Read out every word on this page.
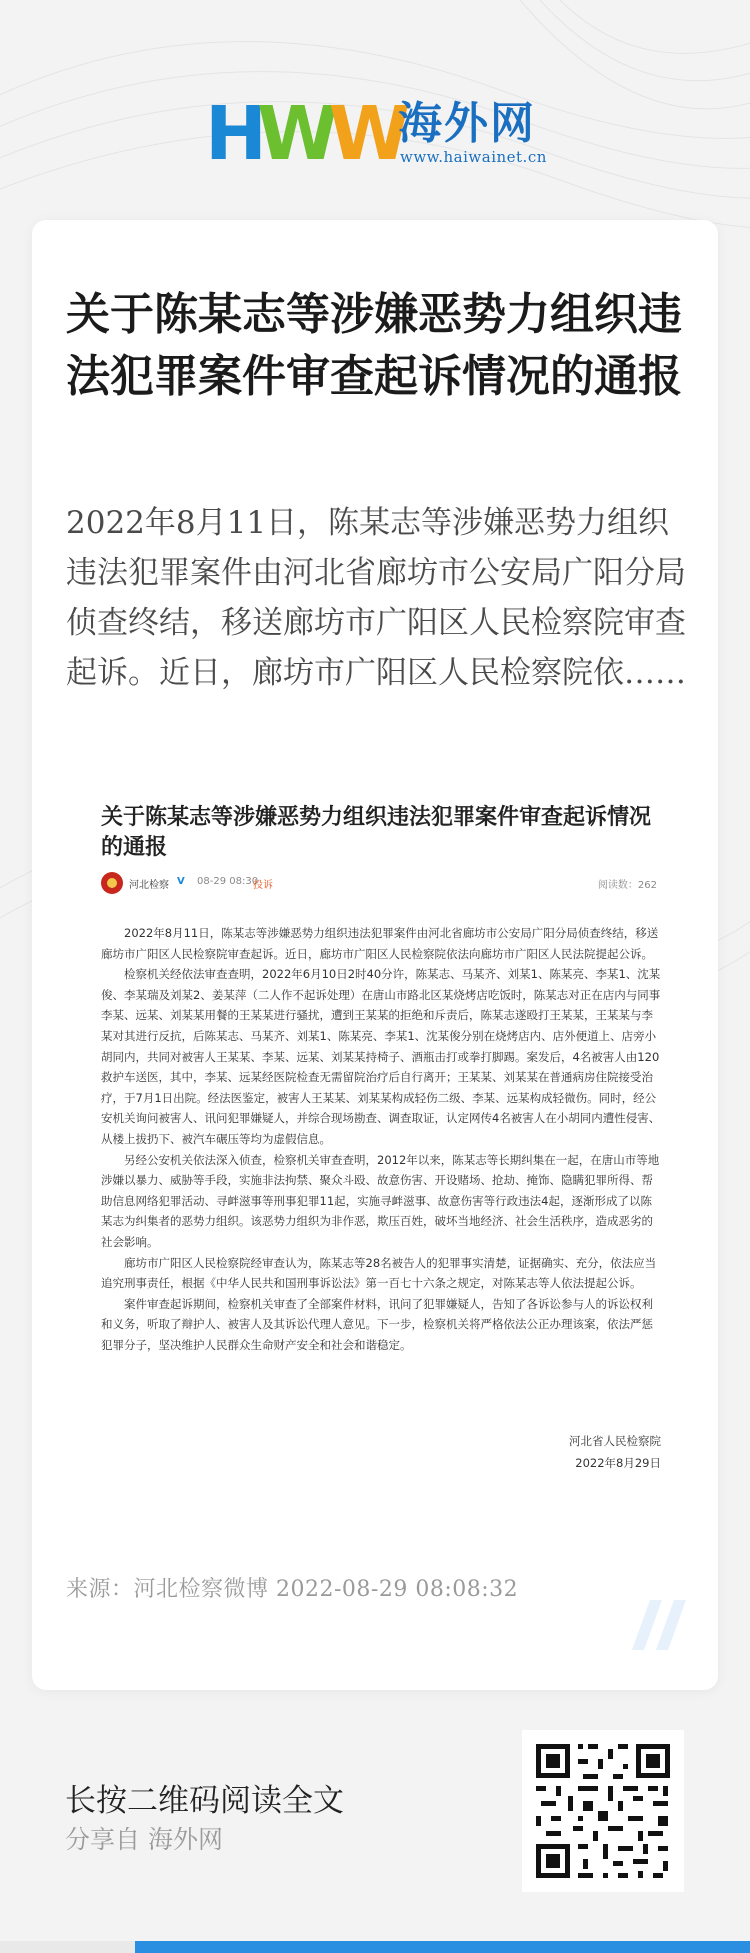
HWW
海外网
www.haiwainet.cn
关于陈某志等涉嫌恶势力组织违法犯罪案件审查起诉情况的通报

2022年8月11日，陈某志等涉嫌恶势力组织违法犯罪案件由河北省廊坊市公安局广阳分局侦查终结，移送廊坊市广阳区人民检察院审查起诉。近日，廊坊市广阳区人民检察院依……

关于陈某志等涉嫌恶势力组织违法犯罪案件审查起诉情况的通报
河北检察 V 08-29 08:30
投诉	阅读数：262

2022年8月11日，陈某志等涉嫌恶势力组织违法犯罪案件由河北省廊坊市公安局广阳分局侦查终结，移送廊坊市广阳区人民检察院审查起诉。近日，廊坊市广阳区人民检察院依法向廊坊市广阳区人民法院提起公诉。

检察机关经依法审查查明，2022年6月10日2时40分许，陈某志、马某齐、刘某1、陈某亮、李某1、沈某俊、李某瑞及刘某2、姜某萍（二人作不起诉处理）在唐山市路北区某烧烤店吃饭时，陈某志对正在店内与同事李某、远某、刘某某用餐的王某某进行骚扰，遭到王某某的拒绝和斥责后，陈某志遂殴打王某某，王某某与李某对其进行反抗，后陈某志、马某齐、刘某1、陈某亮、李某1、沈某俊分别在烧烤店内、店外便道上、店旁小胡同内，共同对被害人王某某、李某、远某、刘某某持椅子、酒瓶击打或拳打脚踢。案发后，4名被害人由120救护车送医，其中，李某、远某经医院检查无需留院治疗后自行离开；王某某、刘某某在普通病房住院接受治疗，于7月1日出院。经法医鉴定，被害人王某某、刘某某构成轻伤二级、李某、远某构成轻微伤。同时，经公安机关询问被害人、讯问犯罪嫌疑人，并综合现场勘查、调查取证，认定网传4名被害人在小胡同内遭性侵害、从楼上拔扔下、被汽车碾压等均为虚假信息。

另经公安机关依法深入侦查，检察机关审查查明，2012年以来，陈某志等长期纠集在一起，在唐山市等地涉嫌以暴力、威胁等手段，实施非法拘禁、聚众斗殴、故意伤害、开设赌场、抢劫、掩饰、隐瞒犯罪所得、帮助信息网络犯罪活动、寻衅滋事等刑事犯罪11起，实施寻衅滋事、故意伤害等行政违法4起，逐渐形成了以陈某志为纠集者的恶势力组织。该恶势力组织为非作恶，欺压百姓，破坏当地经济、社会生活秩序，造成恶劣的社会影响。

廊坊市广阳区人民检察院经审查认为，陈某志等28名被告人的犯罪事实清楚，证据确实、充分，依法应当追究刑事责任，根据《中华人民共和国刑事诉讼法》第一百七十六条之规定，对陈某志等人依法提起公诉。

案件审查起诉期间，检察机关审查了全部案件材料，讯问了犯罪嫌疑人，告知了各诉讼参与人的诉讼权利和义务，听取了辩护人、被害人及其诉讼代理人意见。下一步，检察机关将严格依法公正办理该案，依法严惩犯罪分子，坚决维护人民群众生命财产安全和社会和谐稳定。

河北省人民检察院
2022年8月29日
来源：河北检察微博 2022-08-29 08:08:32
长按二维码阅读全文
分享自 海外网
